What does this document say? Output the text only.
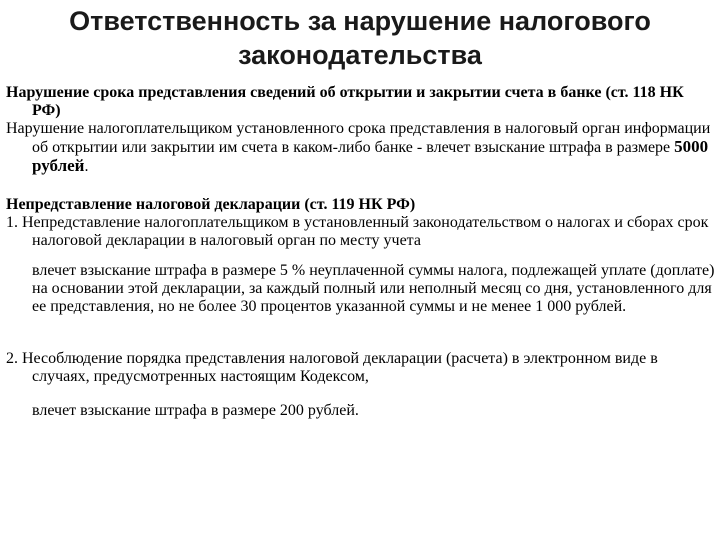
Ответственность за нарушение налогового
законодательства

Нарушение срока представления сведений об открытии и закрытии счета в банке (ст. 118 НК РФ)

Нарушение налогоплательщиком установленного срока представления в налоговый орган информации об открытии или закрытии им счета в каком-либо банке - влечет взыскание штрафа в размере 5000 рублей.

Непредставление налоговой декларации (ст. 119 НК РФ)

1. Непредставление налогоплательщиком в установленный законодательством о налогах и сборах срок налоговой декларации в налоговый орган по месту учета

влечет взыскание штрафа в размере 5 % неуплаченной суммы налога, подлежащей уплате (доплате) на основании этой декларации, за каждый полный или неполный месяц со дня, установленного для ее представления, но не более 30 процентов указанной суммы и не менее 1 000 рублей.

2. Несоблюдение порядка представления налоговой декларации (расчета) в электронном виде в случаях, предусмотренных настоящим Кодексом,

влечет взыскание штрафа в размере 200 рублей.
